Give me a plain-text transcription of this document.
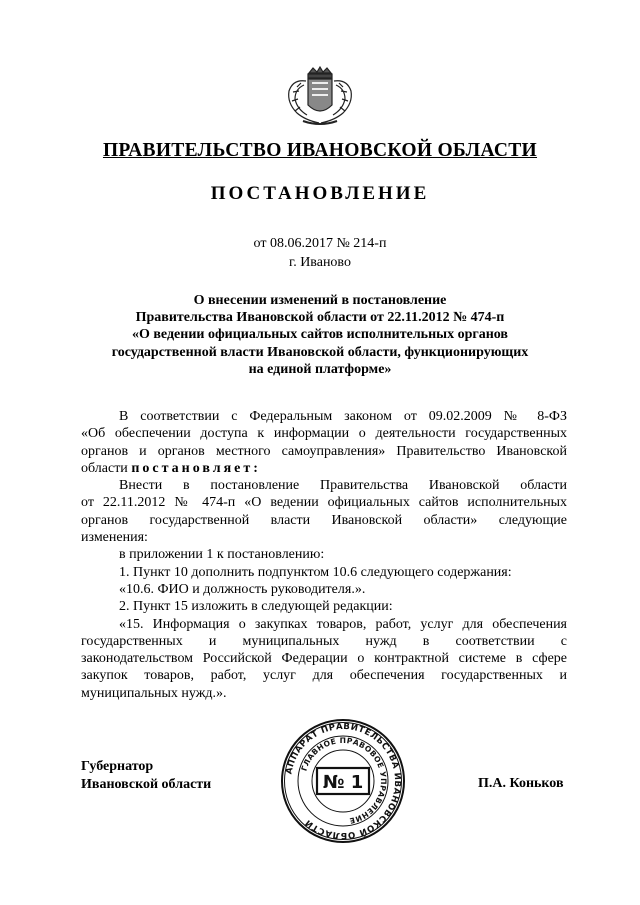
ПРАВИТЕЛЬСТВО ИВАНОВСКОЙ ОБЛАСТИ
ПОСТАНОВЛЕНИЕ
от 08.06.2017 № 214-п
г. Иваново
О внесении изменений в постановление
Правительства Ивановской области от 22.11.2012 № 474-п
«О ведении официальных сайтов исполнительных органов
государственной власти Ивановской области, функционирующих
на единой платформе»
В соответствии с Федеральным законом от 09.02.2009 № 8-ФЗ
«Об обеспечении доступа к информации о деятельности государственных
органов и органов местного самоуправления» Правительство Ивановской
области постановляет:
Внести в постановление Правительства Ивановской области
от 22.11.2012 № 474-п «О ведении официальных сайтов исполнительных
органов государственной власти Ивановской области» следующие
изменения:
в приложении 1 к постановлению:
1. Пункт 10 дополнить подпунктом 10.6 следующего содержания:
«10.6. ФИО и должность руководителя.».
2. Пункт 15 изложить в следующей редакции:
«15. Информация о закупках товаров, работ, услуг для обеспечения
государственных и муниципальных нужд в соответствии с
законодательством Российской Федерации о контрактной системе в сфере
закупок товаров, работ, услуг для обеспечения государственных и
муниципальных нужд.».
Губернатор
Ивановской области
АППАРАТ ПРАВИТЕЛЬСТВА ИВАНОВСКОЙ ОБЛАСТИ
ГЛАВНОЕ ПРАВОВОЕ УПРАВЛЕНИЕ
№ 1	П.А. Коньков
